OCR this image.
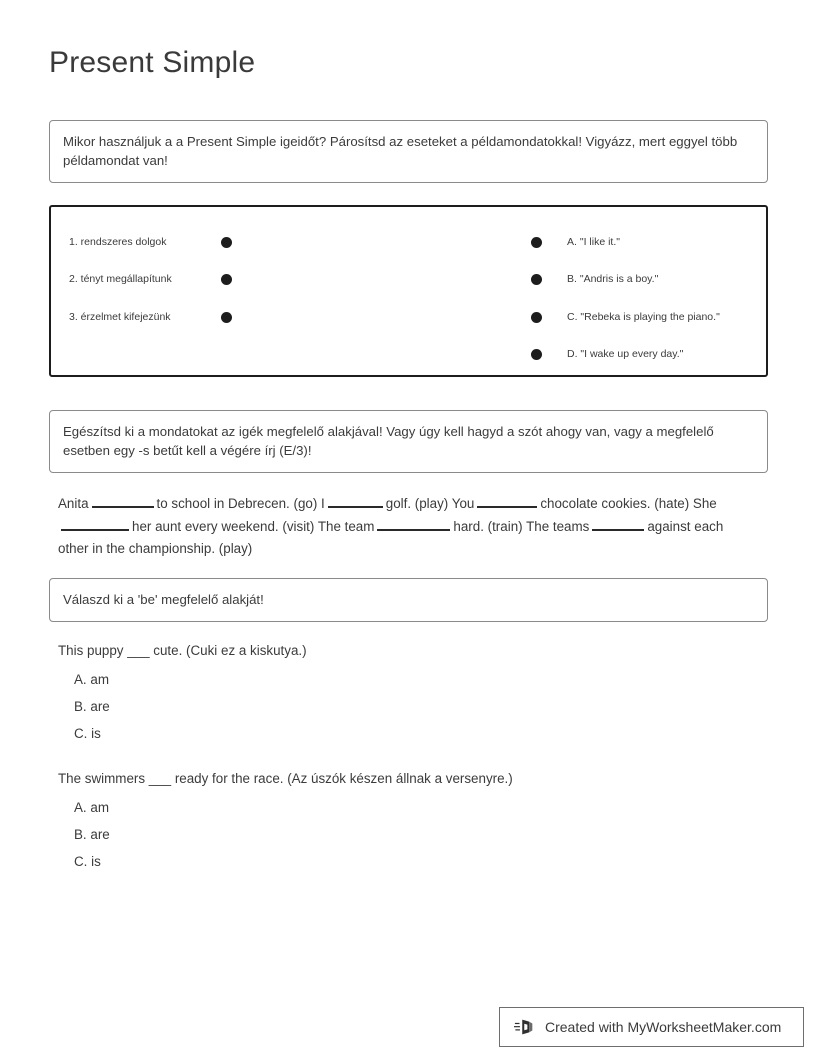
Present Simple
Mikor használjuk a a Present Simple igeidőt? Párosítsd az eseteket a példamondatokkal! Vigyázz, mert eggyel több példamondat van!
1. rendszeres dolgok
2. tényt megállapítunk
3. érzelmet kifejezünk
A. "I like it."
B. "Andris is a boy."
C. "Rebeka is playing the piano."
D. "I wake up every day."
Egészítsd ki a mondatokat az igék megfelelő alakjával! Vagy úgy kell hagyd a szót ahogy van, vagy a megfelelő esetben egy -s betűt kell a végére írj (E/3)!
Anita	to school in Debrecen. (go) I	golf. (play) You	chocolate cookies. (hate) Sheher aunt every weekend. (visit) The team	hard. (train) The teams	against each other in the championship. (play)
Válaszd ki a 'be' megfelelő alakját!
This puppy ___ cute. (Cuki ez a kiskutya.)
A. am
B. are
C. is
The swimmers ___ ready for the race. (Az úszók készen állnak a versenyre.)
A. am
B. are
C. is
Created with MyWorksheetMaker.com
